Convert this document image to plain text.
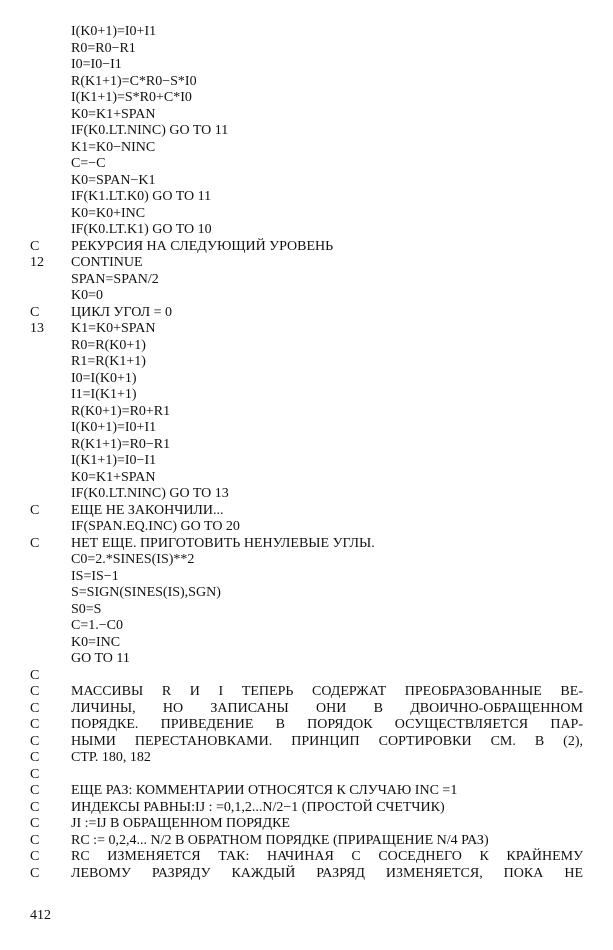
I(K0+1)=I0+I1
R0=R0−R1
I0=I0−I1
R(K1+1)=C*R0−S*I0
I(K1+1)=S*R0+C*I0
K0=K1+SPAN
IF(K0.LT.NINC) GO TO 11
K1=K0−NINC
C=−C
K0=SPAN−K1
IF(K1.LT.K0) GO TO 11
K0=K0+INC
IF(K0.LT.K1) GO TO 10
C РЕКУРСИЯ НА СЛЕДУЮЩИЙ УРОВЕНЬ
12 CONTINUE
SPAN=SPAN/2
K0=0
C ЦИКЛ УГОЛ = 0
13 K1=K0+SPAN
R0=R(K0+1)
R1=R(K1+1)
I0=I(K0+1)
I1=I(K1+1)
R(K0+1)=R0+R1
I(K0+1)=I0+I1
R(K1+1)=R0−R1
I(K1+1)=I0−I1
K0=K1+SPAN
IF(K0.LT.NINC) GO TO 13
C ЕЩЕ НЕ ЗАКОНЧИЛИ...
IF(SPAN.EQ.INC) GO TO 20
C НЕТ ЕЩЕ. ПРИГОТОВИТЬ НЕНУЛЕВЫЕ УГЛЫ.
C0=2.*SINES(IS)**2
IS=IS−1
S=SIGN(SINES(IS),SGN)
S0=S
C=1.−C0
K0=INC
GO TO 11
C
C МАССИВЫ R И I ТЕПЕРЬ СОДЕРЖАТ ПРЕОБРАЗОВАННЫЕ ВЕ-
C ЛИЧИНЫ, НО ЗАПИСАНЫ ОНИ В ДВОИЧНО-ОБРАЩЕННОМ
C ПОРЯДКЕ. ПРИВЕДЕНИЕ В ПОРЯДОК ОСУЩЕСТВЛЯЕТСЯ ПАР-
C НЫМИ ПЕРЕСТАНОВКАМИ. ПРИНЦИП СОРТИРОВКИ СМ. В (2),
C СТР. 180, 182
C
C ЕЩЕ РАЗ: КОММЕНТАРИИ ОТНОСЯТСЯ К СЛУЧАЮ INC =1
C ИНДЕКСЫ РАВНЫ:IJ : =0,1,2...N/2−1 (ПРОСТОЙ СЧЕТЧИК)
C JI :=IJ В ОБРАЩЕННОМ ПОРЯДКЕ
C RC := 0,2,4... N/2 В ОБРАТНОМ ПОРЯДКЕ (ПРИРАЩЕНИЕ N/4 РАЗ)
C RC ИЗМЕНЯЕТСЯ ТАК: НАЧИНАЯ С СОСЕДНЕГО К КРАЙНЕМУ
C ЛЕВОМУ РАЗРЯДУ КАЖДЫЙ РАЗРЯД ИЗМЕНЯЕТСЯ, ПОКА НЕ
412
